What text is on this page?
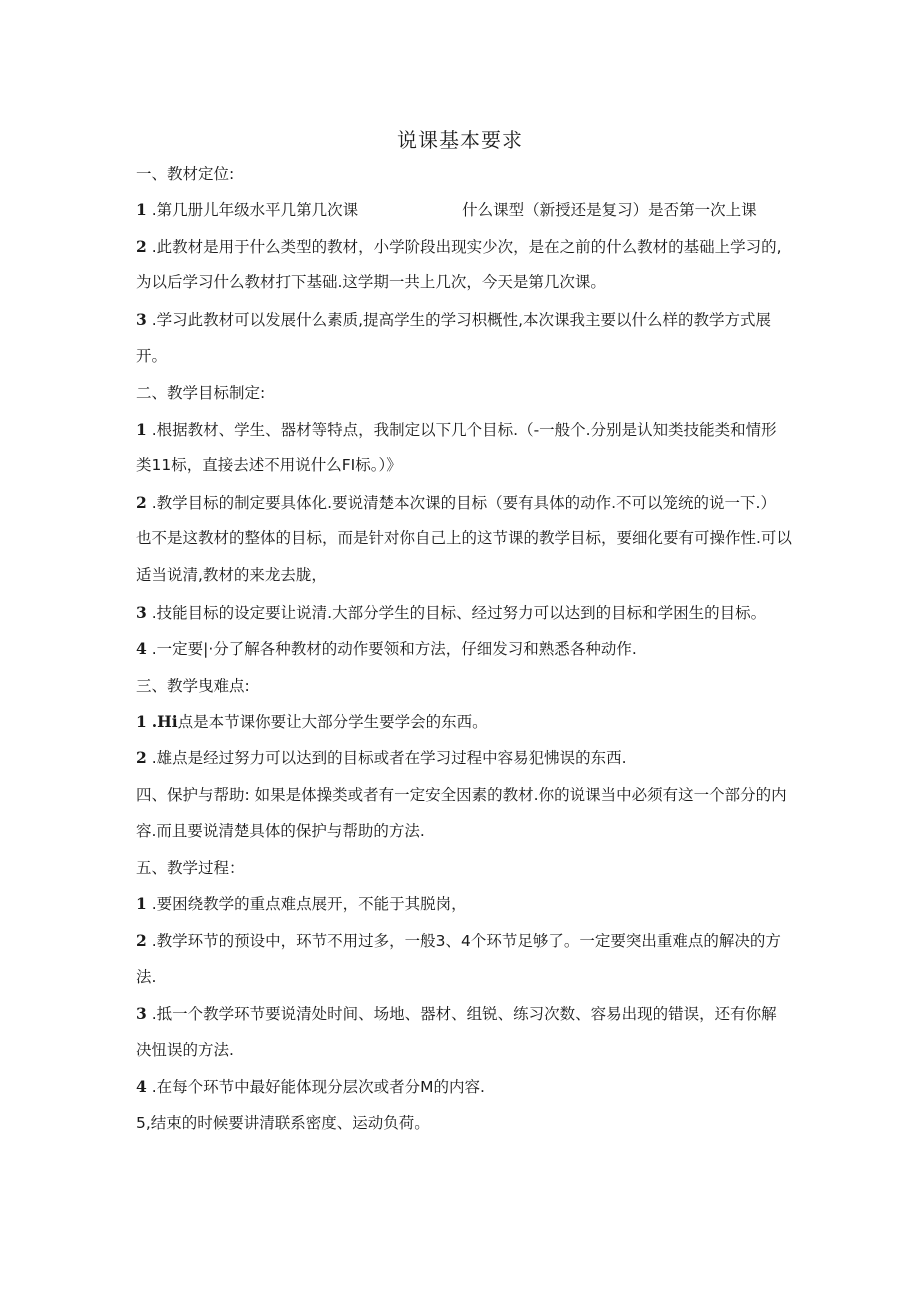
说课基本要求
一、教材定位:
1 .第几册儿年级水平几第几次课	什么课型（新授还是复习）是否第一次上课
2 .此教材是用于什么类型的教材，小学阶段出现实少次，是在之前的什么教材的基础上学习的,
为以后学习什么教材打下基础.这学期一共上几次，今天是第几次课。
3 .学习此教材可以发展什么素质,提高学生的学习枳概性,本次课我主要以什么样的教学方式展
开。
二、教学目标制定:
1 .根据教材、学生、器材等特点，我制定以下几个目标.（-一般个.分别是认知类技能类和情形
类11标，直接去述不用说什么FI标。）》
2 .教学目标的制定要具体化.要说清楚本次课的目标（要有具体的动作.不可以笼统的说一下.）
也不是这教材的整体的目标，而是针对你自己上的这节课的教学目标，要细化要有可操作性.可以
适当说清,教材的来龙去胧，
3 .技能目标的设定要让说清.大部分学生的目标、经过努力可以达到的目标和学困生的目标。
4 .一定要|·分了解各种教材的动作要领和方法，仔细发习和熟悉各种动作.
三、教学曳难点:
1 .Hi点是本节课你要让大部分学生要学会的东西。
2 .雄点是经过努力可以达到的目标或者在学习过程中容易犯怫误的东西.
四、保护与帮助: 如果是体操类或者有一定安全因素的教材.你的说课当中必须有这一个部分的内
容.而且要说清楚具体的保护与帮助的方法.
五、教学过程：
1 .要困绕教学的重点难点展开，不能于其脱岗，
2 .教学环节的预设中，环节不用过多，一般3、4个环节足够了。一定要突出重难点的解决的方
法.
3 .抵一个教学环节要说清处时间、场地、器材、组锐、练习次数、容易出现的错误，还有你解
决忸误的方法.
4 .在每个环节中最好能体现分层次或者分M的内容.
5,结束的时候要讲清联系密度、运动负荷。
